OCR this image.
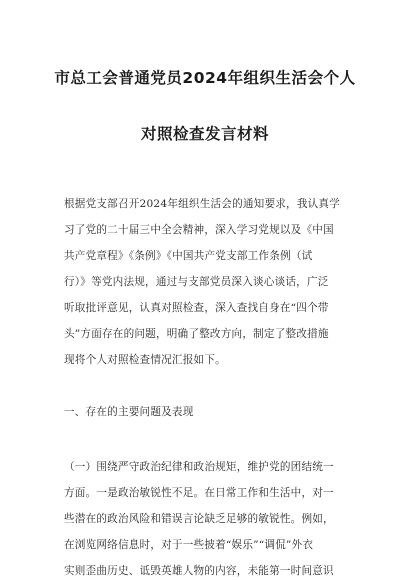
市总工会普通党员2024年组织生活会个人
对照检查发言材料
根据党支部召开2024年组织生活会的通知要求，我认真学
习了党的二十届三中全会精神，深入学习党规以及《中国
共产党章程》《条例》《中国共产党支部工作条例（试
行）》等党内法规，通过与支部党员深入谈心谈话，广泛
听取批评意见，认真对照检查，深入查找自身在“四个带
头”方面存在的问题，明确了整改方向，制定了整改措施
现将个人对照检查情况汇报如下。
一、存在的主要问题及表现
（一）围绕严守政治纪律和政治规矩，维护党的团结统一
方面。一是政治敏锐性不足。在日常工作和生活中，对一
些潜在的政治风险和错误言论缺乏足够的敏锐性。例如，
在浏览网络信息时，对于一些披着“娱乐”“调侃”外衣
实则歪曲历史、诋毁英雄人物的内容，未能第一时间意识
